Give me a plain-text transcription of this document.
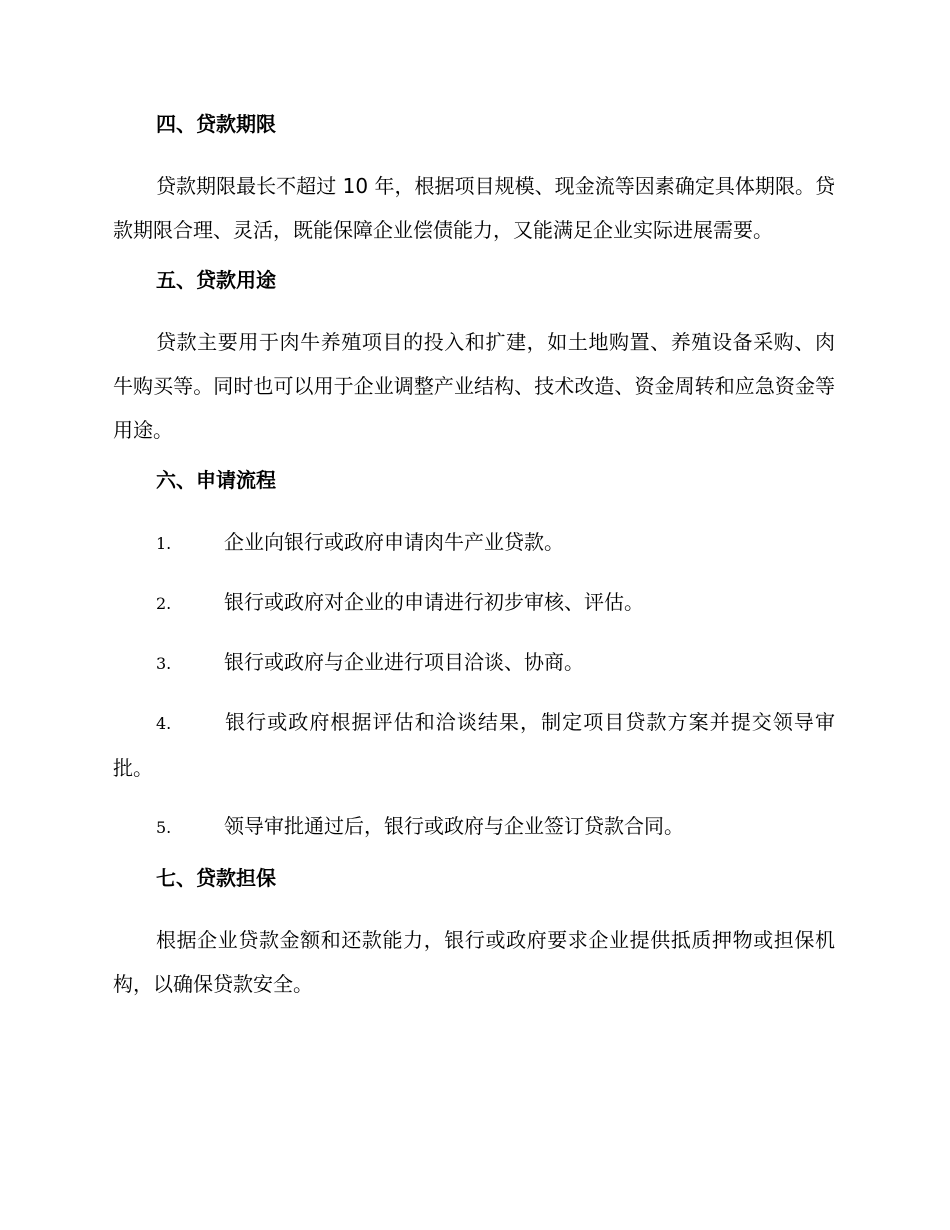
四、贷款期限

贷款期限最长不超过 10 年，根据项目规模、现金流等因素确定具体期限。贷款期限合理、灵活，既能保障企业偿债能力，又能满足企业实际进展需要。

五、贷款用途

贷款主要用于肉牛养殖项目的投入和扩建，如土地购置、养殖设备采购、肉牛购买等。同时也可以用于企业调整产业结构、技术改造、资金周转和应急资金等用途。

六、申请流程
1.	企业向银行或政府申请肉牛产业贷款。
2.	银行或政府对企业的申请进行初步审核、评估。
3.	银行或政府与企业进行项目洽谈、协商。
4.	银行或政府根据评估和洽谈结果，制定项目贷款方案并提交领导审批。
5.	领导审批通过后，银行或政府与企业签订贷款合同。
七、贷款担保

根据企业贷款金额和还款能力，银行或政府要求企业提供抵质押物或担保机构，以确保贷款安全。
